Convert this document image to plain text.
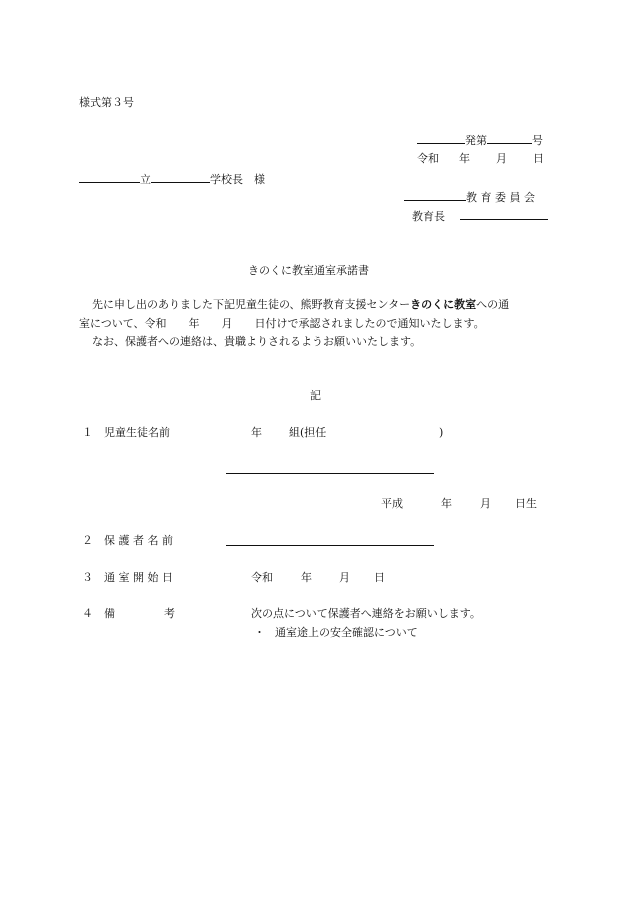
様式第３号
発第	号
令和 年 月 日
立	学校長　様
教 育 委 員 会
教育長
きのくに教室通室承諾書
先に申し出のありました下記児童生徒の、熊野教育支援センターきのくに教室への通
室について、令和　　年　　月　　日付けで承認されましたので通知いたします。
なお、保護者への連絡は、貴職よりされるようお願いいたします。
記
１ 児童生徒名前	年 組(担任	)
平成	年	月 日生
２ 保 護 者 名 前
３ 通 室 開 始 日	令和	年 月 日
４ 備	考	次の点について保護者へ連絡をお願いします。
・ 通室途上の安全確認について
